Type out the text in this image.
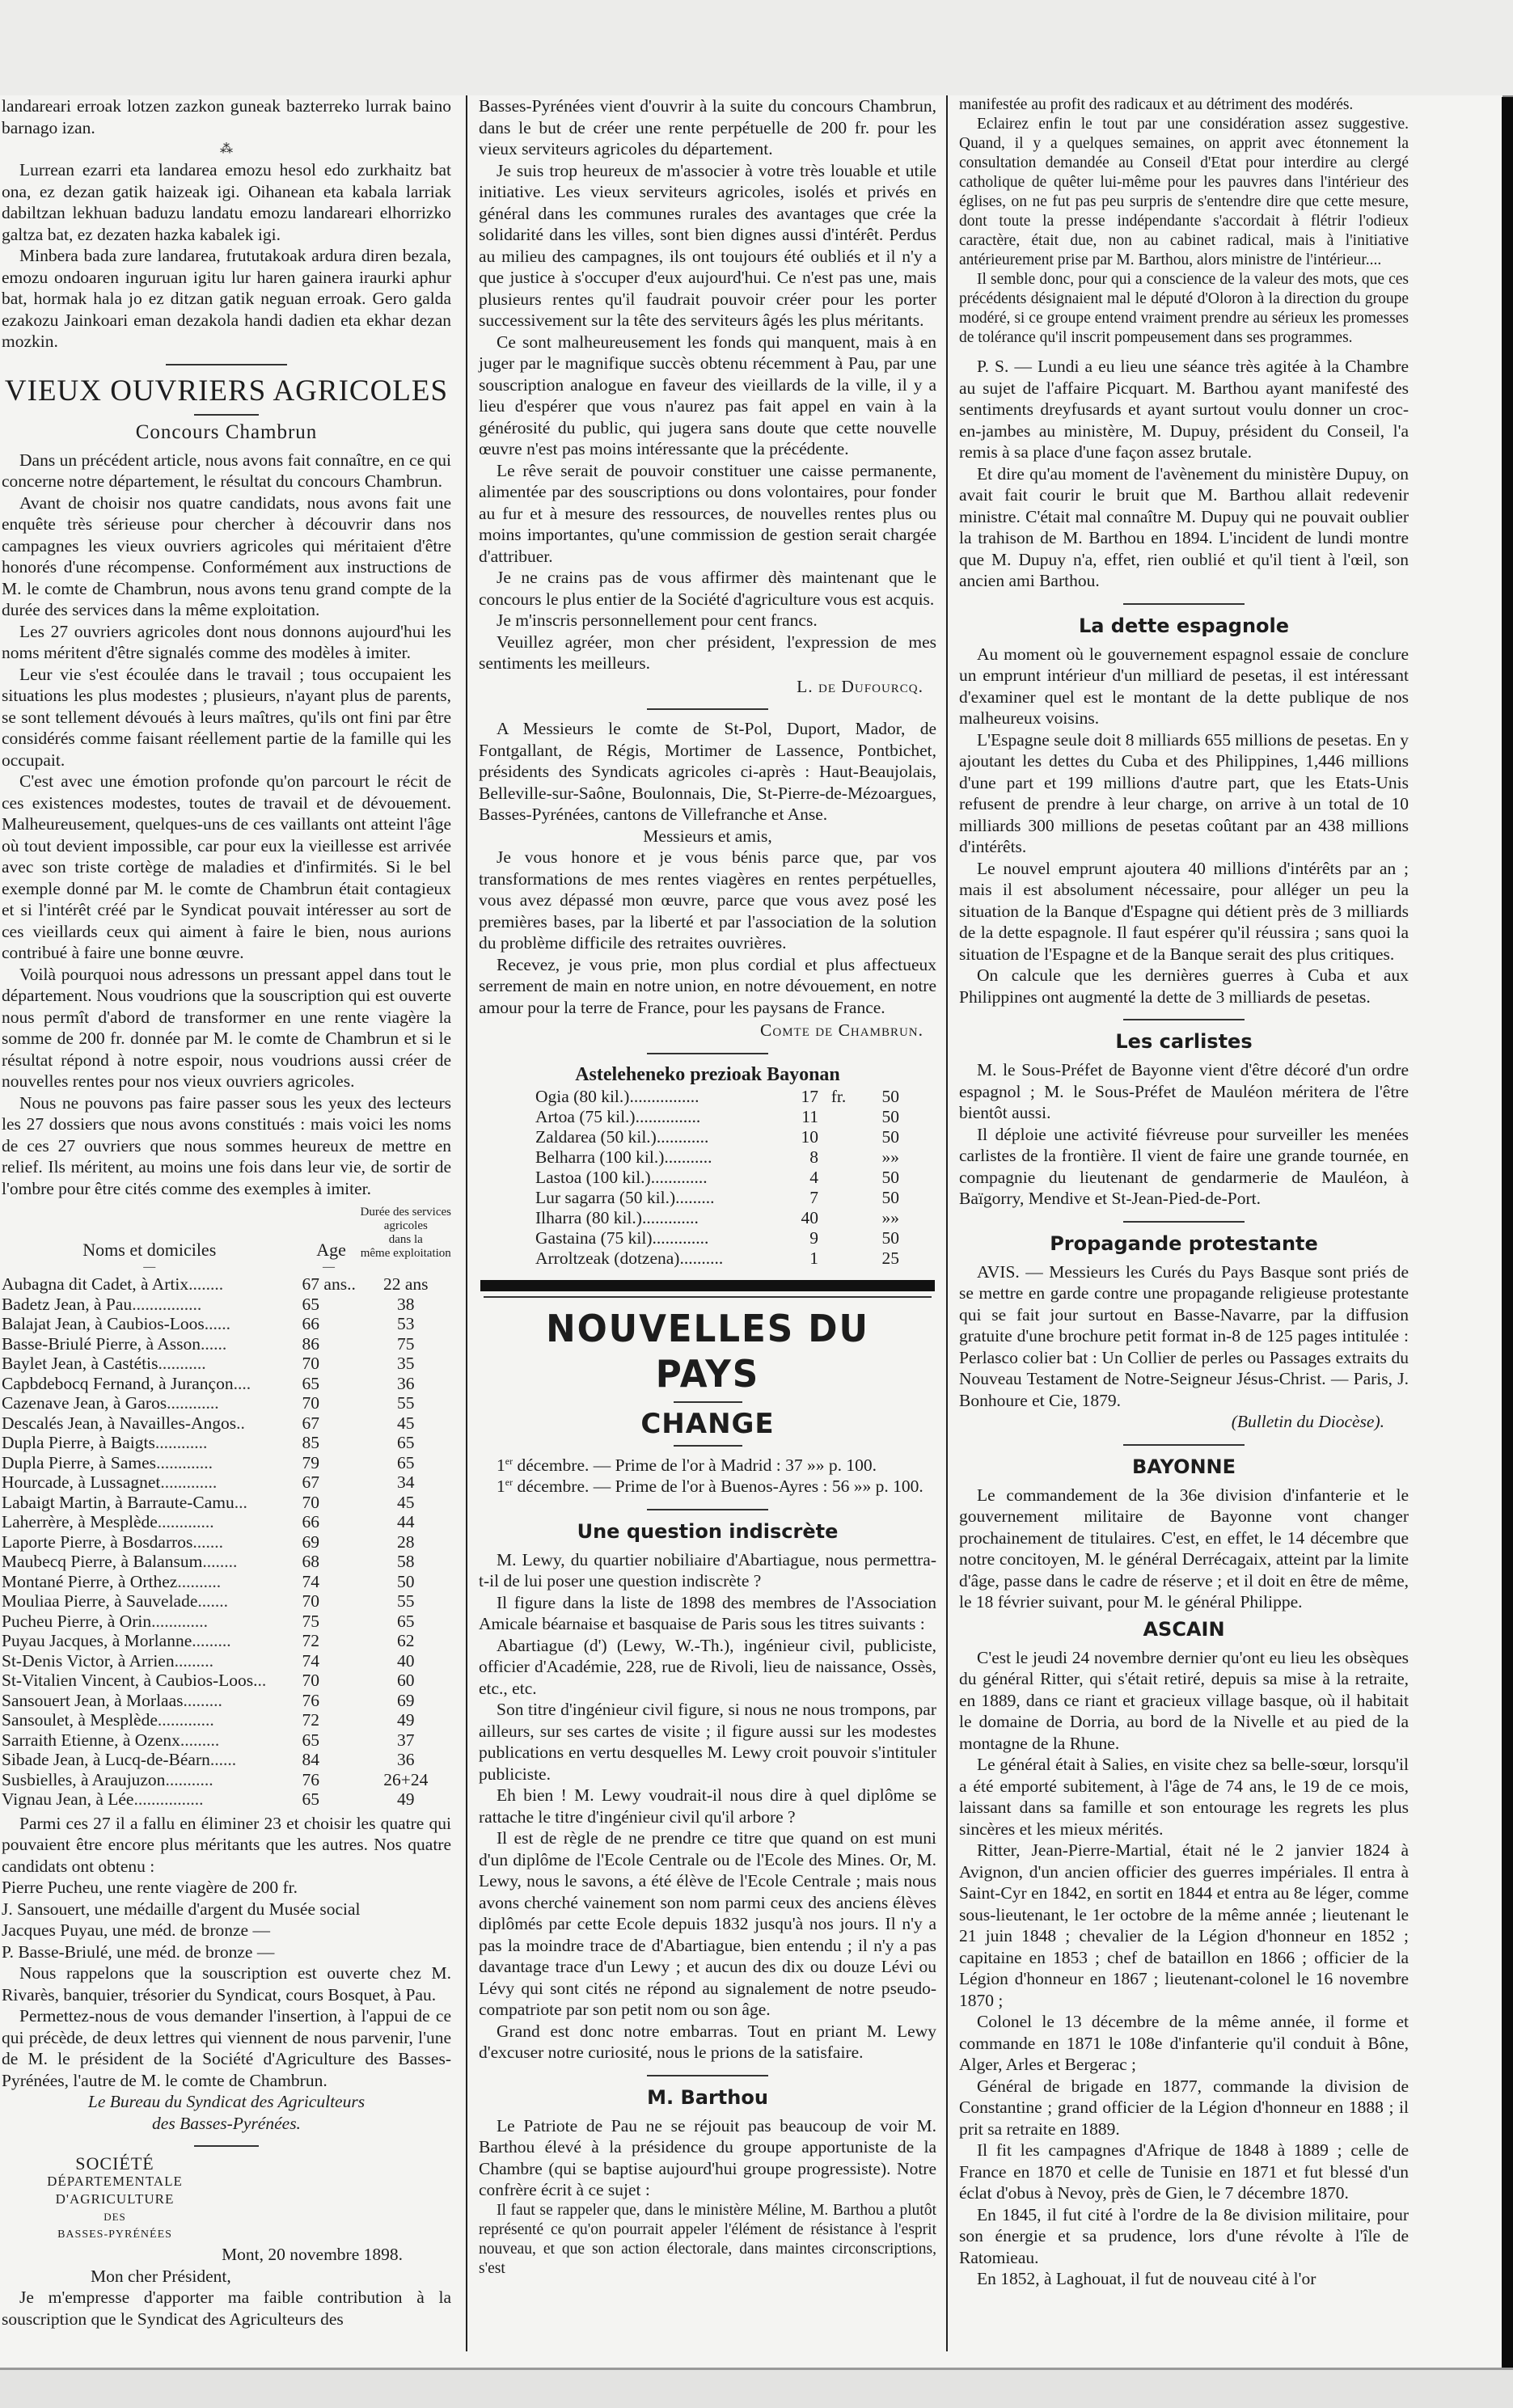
landareari erroak lotzen zazkon guneak bazterreko lurrak baino barnago izan.

⁂

Lurrean ezarri eta landarea emozu hesol edo zurkhaitz bat ona, ez dezan gatik haizeak igi. Oihanean eta kabala larriak dabiltzan lekhuan baduzu landatu emozu landareari elhorrizko galtza bat, ez dezaten hazka kabalek igi.

Minbera bada zure landarea, frututakoak ardura diren bezala, emozu ondoaren inguruan igitu lur haren gainera iraurki aphur bat, hormak hala jo ez ditzan gatik neguan erroak. Gero galda ezakozu Jainkoari eman dezakola handi dadien eta ekhar dezan mozkin.

VIEUX OUVRIERS AGRICOLES
Concours Chambrun

Dans un précédent article, nous avons fait connaître, en ce qui concerne notre département, le résultat du concours Chambrun.

Avant de choisir nos quatre candidats, nous avons fait une enquête très sérieuse pour chercher à découvrir dans nos campagnes les vieux ouvriers agricoles qui méritaient d'être honorés d'une récompense. Conformément aux instructions de M. le comte de Chambrun, nous avons tenu grand compte de la durée des services dans la même exploitation.

Les 27 ouvriers agricoles dont nous donnons aujourd'hui les noms méritent d'être signalés comme des modèles à imiter.

Leur vie s'est écoulée dans le travail ; tous occupaient les situations les plus modestes ; plusieurs, n'ayant plus de parents, se sont tellement dévoués à leurs maîtres, qu'ils ont fini par être considérés comme faisant réellement partie de la famille qui les occupait.

C'est avec une émotion profonde qu'on parcourt le récit de ces existences modestes, toutes de travail et de dévouement. Malheureusement, quelques-uns de ces vaillants ont atteint l'âge où tout devient impossible, car pour eux la vieillesse est arrivée avec son triste cortège de maladies et d'infirmités. Si le bel exemple donné par M. le comte de Chambrun était contagieux et si l'intérêt créé par le Syndicat pouvait intéresser au sort de ces vieillards ceux qui aiment à faire le bien, nous aurions contribué à faire une bonne œuvre.

Voilà pourquoi nous adressons un pressant appel dans tout le département. Nous voudrions que la souscription qui est ouverte nous permît d'abord de transformer en une rente viagère la somme de 200 fr. donnée par M. le comte de Chambrun et si le résultat répond à notre espoir, nous voudrions aussi créer de nouvelles rentes pour nos vieux ouvriers agricoles.

Nous ne pouvons pas faire passer sous les yeux des lecteurs les 27 dossiers que nous avons constitués : mais voici les noms de ces 27 ouvriers que nous sommes heureux de mettre en relief. Ils méritent, au moins une fois dans leur vie, de sortir de l'ombre pour être cités comme des exemples à imiter.

Noms et domiciles	Age	Durée des services
agricoles
dans la
même exploitation

—	—	
Aubagna dit Cadet, à Artix........	67 ans..	22 ans
Badetz Jean, à Pau................	65	38
Balajat Jean, à Caubios-Loos......	66	53
Basse-Briulé Pierre, à Asson......	86	75
Baylet Jean, à Castétis...........	70	35
Capbdebocq Fernand, à Jurançon....	65	36
Cazenave Jean, à Garos............	70	55
Descalés Jean, à Navailles-Angos..	67	45
Dupla Pierre, à Baigts............	85	65
Dupla Pierre, à Sames.............	79	65
Hourcade, à Lussagnet.............	67	34
Labaigt Martin, à Barraute-Camu...	70	45
Laherrère, à Mesplède.............	66	44
Laporte Pierre, à Bosdarros.......	69	28
Maubecq Pierre, à Balansum........	68	58
Montané Pierre, à Orthez..........	74	50
Mouliaa Pierre, à Sauvelade.......	70	55
Pucheu Pierre, à Orin.............	75	65
Puyau Jacques, à Morlanne.........	72	62
St-Denis Victor, à Arrien.........	74	40
St-Vitalien Vincent, à Caubios-Loos...	70	60
Sansouert Jean, à Morlaas.........	76	69
Sansoulet, à Mesplède.............	72	49
Sarraith Etienne, à Ozenx.........	65	37
Sibade Jean, à Lucq-de-Béarn......	84	36
Susbielles, à Araujuzon...........	76	26+24
Vignau Jean, à Lée................	65	49

Parmi ces 27 il a fallu en éliminer 23 et choisir les quatre qui pouvaient être encore plus méritants que les autres. Nos quatre candidats ont obtenu :

Pierre Pucheu, une rente viagère de 200 fr.

J. Sansouert, une médaille d'argent du Musée social

Jacques Puyau, une méd. de bronze —

P. Basse-Briulé, une méd. de bronze —

Nous rappelons que la souscription est ouverte chez M. Rivarès, banquier, trésorier du Syndicat, cours Bosquet, à Pau.

Permettez-nous de vous demander l'insertion, à l'appui de ce qui précède, de deux lettres qui viennent de nous parvenir, l'une de M. le président de la Société d'Agriculture des Basses-Pyrénées, l'autre de M. le comte de Chambrun.

Le Bureau du Syndicat des Agriculteurs
des Basses-Pyrénées.
SOCIÉTÉ
DÉPARTEMENTALE D'AGRICULTURE
DES
BASSES-PYRÉNÉES
Mont, 20 novembre 1898.

Mon cher Président,

Je m'empresse d'apporter ma faible contribution à la souscription que le Syndicat des Agriculteurs des

Basses-Pyrénées vient d'ouvrir à la suite du concours Chambrun, dans le but de créer une rente perpétuelle de 200 fr. pour les vieux serviteurs agricoles du département.

Je suis trop heureux de m'associer à votre très louable et utile initiative. Les vieux serviteurs agricoles, isolés et privés en général dans les communes rurales des avantages que crée la solidarité dans les villes, sont bien dignes aussi d'intérêt. Perdus au milieu des campagnes, ils ont toujours été oubliés et il n'y a que justice à s'occuper d'eux aujourd'hui. Ce n'est pas une, mais plusieurs rentes qu'il faudrait pouvoir créer pour les porter successivement sur la tête des serviteurs âgés les plus méritants.

Ce sont malheureusement les fonds qui manquent, mais à en juger par le magnifique succès obtenu récemment à Pau, par une souscription analogue en faveur des vieillards de la ville, il y a lieu d'espérer que vous n'aurez pas fait appel en vain à la générosité du public, qui jugera sans doute que cette nouvelle œuvre n'est pas moins intéressante que la précédente.

Le rêve serait de pouvoir constituer une caisse permanente, alimentée par des souscriptions ou dons volontaires, pour fonder au fur et à mesure des ressources, de nouvelles rentes plus ou moins importantes, qu'une commission de gestion serait chargée d'attribuer.

Je ne crains pas de vous affirmer dès maintenant que le concours le plus entier de la Société d'agriculture vous est acquis.

Je m'inscris personnellement pour cent francs.

Veuillez agréer, mon cher président, l'expression de mes sentiments les meilleurs.

L. de Dufourcq.

A Messieurs le comte de St-Pol, Duport, Mador, de Fontgallant, de Régis, Mortimer de Lassence, Pontbichet, présidents des Syndicats agricoles ci-après : Haut-Beaujolais, Belleville-sur-Saône, Boulonnais, Die, St-Pierre-de-Mézoargues, Basses-Pyrénées, cantons de Villefranche et Anse.

Messieurs et amis,

Je vous honore et je vous bénis parce que, par vos transformations de mes rentes viagères en rentes perpétuelles, vous avez dépassé mon œuvre, parce que vous avez posé les premières bases, par la liberté et par l'association de la solution du problème difficile des retraites ouvrières.

Recevez, je vous prie, mon plus cordial et plus affectueux serrement de main en notre union, en notre dévouement, en notre amour pour la terre de France, pour les paysans de France.

Comte de Chambrun.
Asteleheneko prezioak Bayonan
Ogia (80 kil.)................	17	fr.	50
Artoa (75 kil.)...............	11		50
Zaldarea (50 kil.)............	10		50
Belharra (100 kil.)...........	8		»»
Lastoa (100 kil.).............	4		50
Lur sagarra (50 kil.).........	7		50
Ilharra (80 kil.).............	40		»»
Gastaina (75 kil).............	9		50
Arroltzeak (dotzena)..........	1		25
NOUVELLES DU PAYS
CHANGE

1er décembre. — Prime de l'or à Madrid : 37 »» p. 100.

1er décembre. — Prime de l'or à Buenos-Ayres : 56 »» p. 100.

Une question indiscrète

M. Lewy, du quartier nobiliaire d'Abartiague, nous permettra-t-il de lui poser une question indiscrète ?

Il figure dans la liste de 1898 des membres de l'Association Amicale béarnaise et basquaise de Paris sous les titres suivants :

Abartiague (d') (Lewy, W.-Th.), ingénieur civil, publiciste, officier d'Académie, 228, rue de Rivoli, lieu de naissance, Ossès, etc., etc.

Son titre d'ingénieur civil figure, si nous ne nous trompons, par ailleurs, sur ses cartes de visite ; il figure aussi sur les modestes publications en vertu desquelles M. Lewy croit pouvoir s'intituler publiciste.

Eh bien ! M. Lewy voudrait-il nous dire à quel diplôme se rattache le titre d'ingénieur civil qu'il arbore ?

Il est de règle de ne prendre ce titre que quand on est muni d'un diplôme de l'Ecole Centrale ou de l'Ecole des Mines. Or, M. Lewy, nous le savons, a été élève de l'Ecole Centrale ; mais nous avons cherché vainement son nom parmi ceux des anciens élèves diplômés par cette Ecole depuis 1832 jusqu'à nos jours. Il n'y a pas la moindre trace de d'Abartiague, bien entendu ; il n'y a pas davantage trace d'un Lewy ; et aucun des dix ou douze Lévi ou Lévy qui sont cités ne répond au signalement de notre pseudo-compatriote par son petit nom ou son âge.

Grand est donc notre embarras. Tout en priant M. Lewy d'excuser notre curiosité, nous le prions de la satisfaire.

M. Barthou

Le Patriote de Pau ne se réjouit pas beaucoup de voir M. Barthou élevé à la présidence du groupe apportuniste de la Chambre (qui se baptise aujourd'hui groupe progressiste). Notre confrère écrit à ce sujet :

Il faut se rappeler que, dans le ministère Méline, M. Barthou a plutôt représenté ce qu'on pourrait appeler l'élément de résistance à l'esprit nouveau, et que son action électorale, dans maintes circonscriptions, s'est

manifestée au profit des radicaux et au détriment des modérés.

Eclairez enfin le tout par une considération assez suggestive. Quand, il y a quelques semaines, on apprit avec étonnement la consultation demandée au Conseil d'Etat pour interdire au clergé catholique de quêter lui-même pour les pauvres dans l'intérieur des églises, on ne fut pas peu surpris de s'entendre dire que cette mesure, dont toute la presse indépendante s'accordait à flétrir l'odieux caractère, était due, non au cabinet radical, mais à l'initiative antérieurement prise par M. Barthou, alors ministre de l'intérieur....

Il semble donc, pour qui a conscience de la valeur des mots, que ces précédents désignaient mal le député d'Oloron à la direction du groupe modéré, si ce groupe entend vraiment prendre au sérieux les promesses de tolérance qu'il inscrit pompeusement dans ses programmes.

P. S. — Lundi a eu lieu une séance très agitée à la Chambre au sujet de l'affaire Picquart. M. Barthou ayant manifesté des sentiments dreyfusards et ayant surtout voulu donner un croc-en-jambes au ministère, M. Dupuy, président du Conseil, l'a remis à sa place d'une façon assez brutale.

Et dire qu'au moment de l'avènement du ministère Dupuy, on avait fait courir le bruit que M. Barthou allait redevenir ministre. C'était mal connaître M. Dupuy qui ne pouvait oublier la trahison de M. Barthou en 1894. L'incident de lundi montre que M. Dupuy n'a, effet, rien oublié et qu'il tient à l'œil, son ancien ami Barthou.

La dette espagnole

Au moment où le gouvernement espagnol essaie de conclure un emprunt intérieur d'un milliard de pesetas, il est intéressant d'examiner quel est le montant de la dette publique de nos malheureux voisins.

L'Espagne seule doit 8 milliards 655 millions de pesetas. En y ajoutant les dettes du Cuba et des Philippines, 1,446 millions d'une part et 199 millions d'autre part, que les Etats-Unis refusent de prendre à leur charge, on arrive à un total de 10 milliards 300 millions de pesetas coûtant par an 438 millions d'intérêts.

Le nouvel emprunt ajoutera 40 millions d'intérêts par an ; mais il est absolument nécessaire, pour alléger un peu la situation de la Banque d'Espagne qui détient près de 3 milliards de la dette espagnole. Il faut espérer qu'il réussira ; sans quoi la situation de l'Espagne et de la Banque serait des plus critiques.

On calcule que les dernières guerres à Cuba et aux Philippines ont augmenté la dette de 3 milliards de pesetas.

Les carlistes

M. le Sous-Préfet de Bayonne vient d'être décoré d'un ordre espagnol ; M. le Sous-Préfet de Mauléon méritera de l'être bientôt aussi.

Il déploie une activité fiévreuse pour surveiller les menées carlistes de la frontière. Il vient de faire une grande tournée, en compagnie du lieutenant de gendarmerie de Mauléon, à Baïgorry, Mendive et St-Jean-Pied-de-Port.

Propagande protestante

AVIS. — Messieurs les Curés du Pays Basque sont priés de se mettre en garde contre une propagande religieuse protestante qui se fait jour surtout en Basse-Navarre, par la diffusion gratuite d'une brochure petit format in-8 de 125 pages intitulée : Perlasco colier bat : Un Collier de perles ou Passages extraits du Nouveau Testament de Notre-Seigneur Jésus-Christ. — Paris, J. Bonhoure et Cie, 1879.

(Bulletin du Diocèse).
BAYONNE

Le commandement de la 36e division d'infanterie et le gouvernement militaire de Bayonne vont changer prochainement de titulaires. C'est, en effet, le 14 décembre que notre concitoyen, M. le général Derrécagaix, atteint par la limite d'âge, passe dans le cadre de réserve ; et il doit en être de même, le 18 février suivant, pour M. le général Philippe.

ASCAIN

C'est le jeudi 24 novembre dernier qu'ont eu lieu les obsèques du général Ritter, qui s'était retiré, depuis sa mise à la retraite, en 1889, dans ce riant et gracieux village basque, où il habitait le domaine de Dorria, au bord de la Nivelle et au pied de la montagne de la Rhune.

Le général était à Salies, en visite chez sa belle-sœur, lorsqu'il a été emporté subitement, à l'âge de 74 ans, le 19 de ce mois, laissant dans sa famille et son entourage les regrets les plus sincères et les mieux mérités.

Ritter, Jean-Pierre-Martial, était né le 2 janvier 1824 à Avignon, d'un ancien officier des guerres impériales. Il entra à Saint-Cyr en 1842, en sortit en 1844 et entra au 8e léger, comme sous-lieutenant, le 1er octobre de la même année ; lieutenant le 21 juin 1848 ; chevalier de la Légion d'honneur en 1852 ; capitaine en 1853 ; chef de bataillon en 1866 ; officier de la Légion d'honneur en 1867 ; lieutenant-colonel le 16 novembre 1870 ;

Colonel le 13 décembre de la même année, il forme et commande en 1871 le 108e d'infanterie qu'il conduit à Bône, Alger, Arles et Bergerac ;

Général de brigade en 1877, commande la division de Constantine ; grand officier de la Légion d'honneur en 1888 ; il prit sa retraite en 1889.

Il fit les campagnes d'Afrique de 1848 à 1889 ; celle de France en 1870 et celle de Tunisie en 1871 et fut blessé d'un éclat d'obus à Nevoy, près de Gien, le 7 décembre 1870.

En 1845, il fut cité à l'ordre de la 8e division militaire, pour son énergie et sa prudence, lors d'une révolte à l'île de Ratomieau.

En 1852, à Laghouat, il fut de nouveau cité à l'or
